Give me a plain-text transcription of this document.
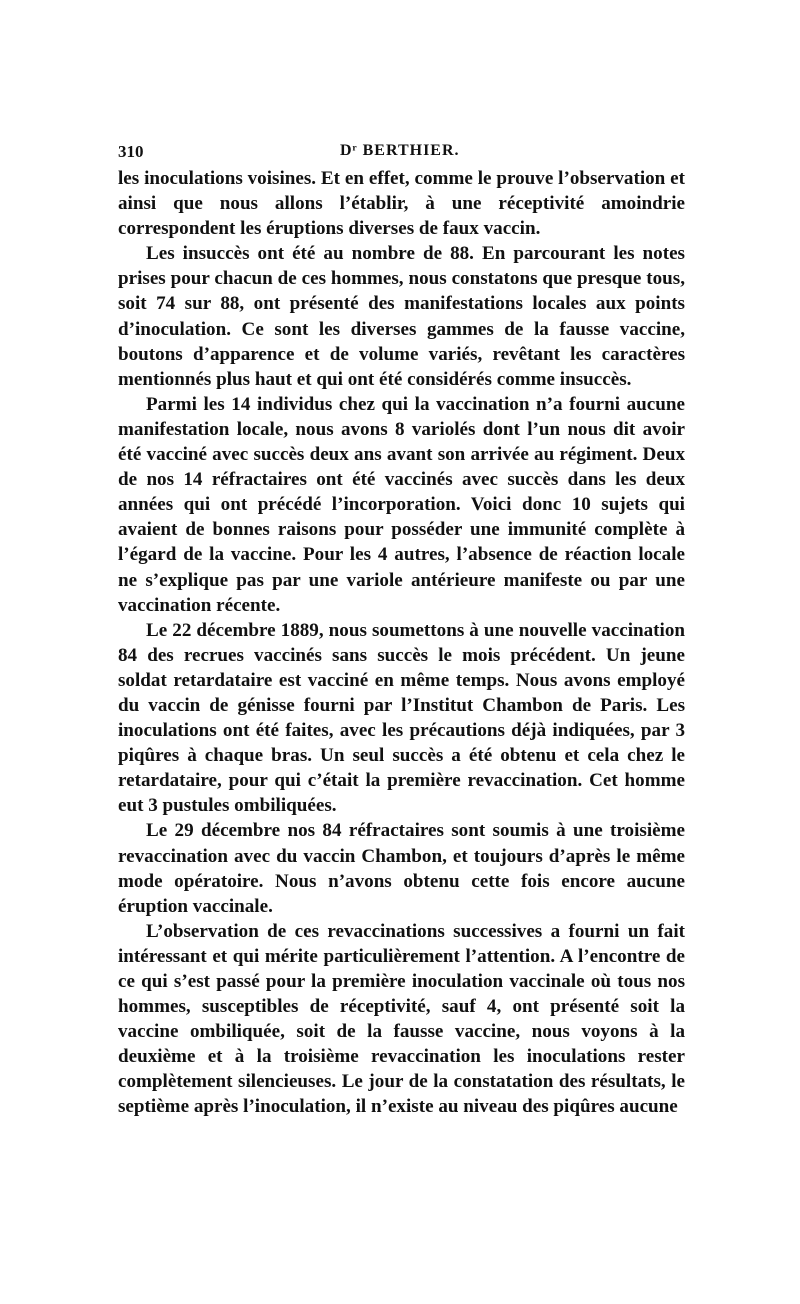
310	Dʳ BERTHIER.

les inoculations voisines. Et en effet, comme le prouve l’observation et ainsi que nous allons l’établir, à une réceptivité amoindrie correspondent les éruptions diverses de faux vaccin.

Les insuccès ont été au nombre de 88. En parcourant les notes prises pour chacun de ces hommes, nous constatons que presque tous, soit 74 sur 88, ont présenté des manifestations locales aux points d’inoculation. Ce sont les diverses gammes de la fausse vaccine, boutons d’apparence et de volume variés, revêtant les caractères mentionnés plus haut et qui ont été considérés comme insuccès.

Parmi les 14 individus chez qui la vaccination n’a fourni aucune manifestation locale, nous avons 8 variolés dont l’un nous dit avoir été vacciné avec succès deux ans avant son arrivée au régiment. Deux de nos 14 réfractaires ont été vaccinés avec succès dans les deux années qui ont précédé l’incorporation. Voici donc 10 sujets qui avaient de bonnes raisons pour posséder une immunité complète à l’égard de la vaccine. Pour les 4 autres, l’absence de réaction locale ne s’explique pas par une variole antérieure manifeste ou par une vaccination récente.

Le 22 décembre 1889, nous soumettons à une nouvelle vaccination 84 des recrues vaccinés sans succès le mois précédent. Un jeune soldat retardataire est vacciné en même temps. Nous avons employé du vaccin de génisse fourni par l’Institut Chambon de Paris. Les inoculations ont été faites, avec les précautions déjà indiquées, par 3 piqûres à chaque bras. Un seul succès a été obtenu et cela chez le retardataire, pour qui c’était la première revaccination. Cet homme eut 3 pustules ombiliquées.

Le 29 décembre nos 84 réfractaires sont soumis à une troisième revaccination avec du vaccin Chambon, et toujours d’après le même mode opératoire. Nous n’avons obtenu cette fois encore aucune éruption vaccinale.

L’observation de ces revaccinations successives a fourni un fait intéressant et qui mérite particulièrement l’attention. A l’encontre de ce qui s’est passé pour la première inoculation vaccinale où tous nos hommes, susceptibles de réceptivité, sauf 4, ont présenté soit la vaccine ombiliquée, soit de la fausse vaccine, nous voyons à la deuxième et à la troisième revaccination les inoculations rester complètement silencieuses. Le jour de la constatation des résultats, le septième après l’inoculation, il n’existe au niveau des piqûres aucune
